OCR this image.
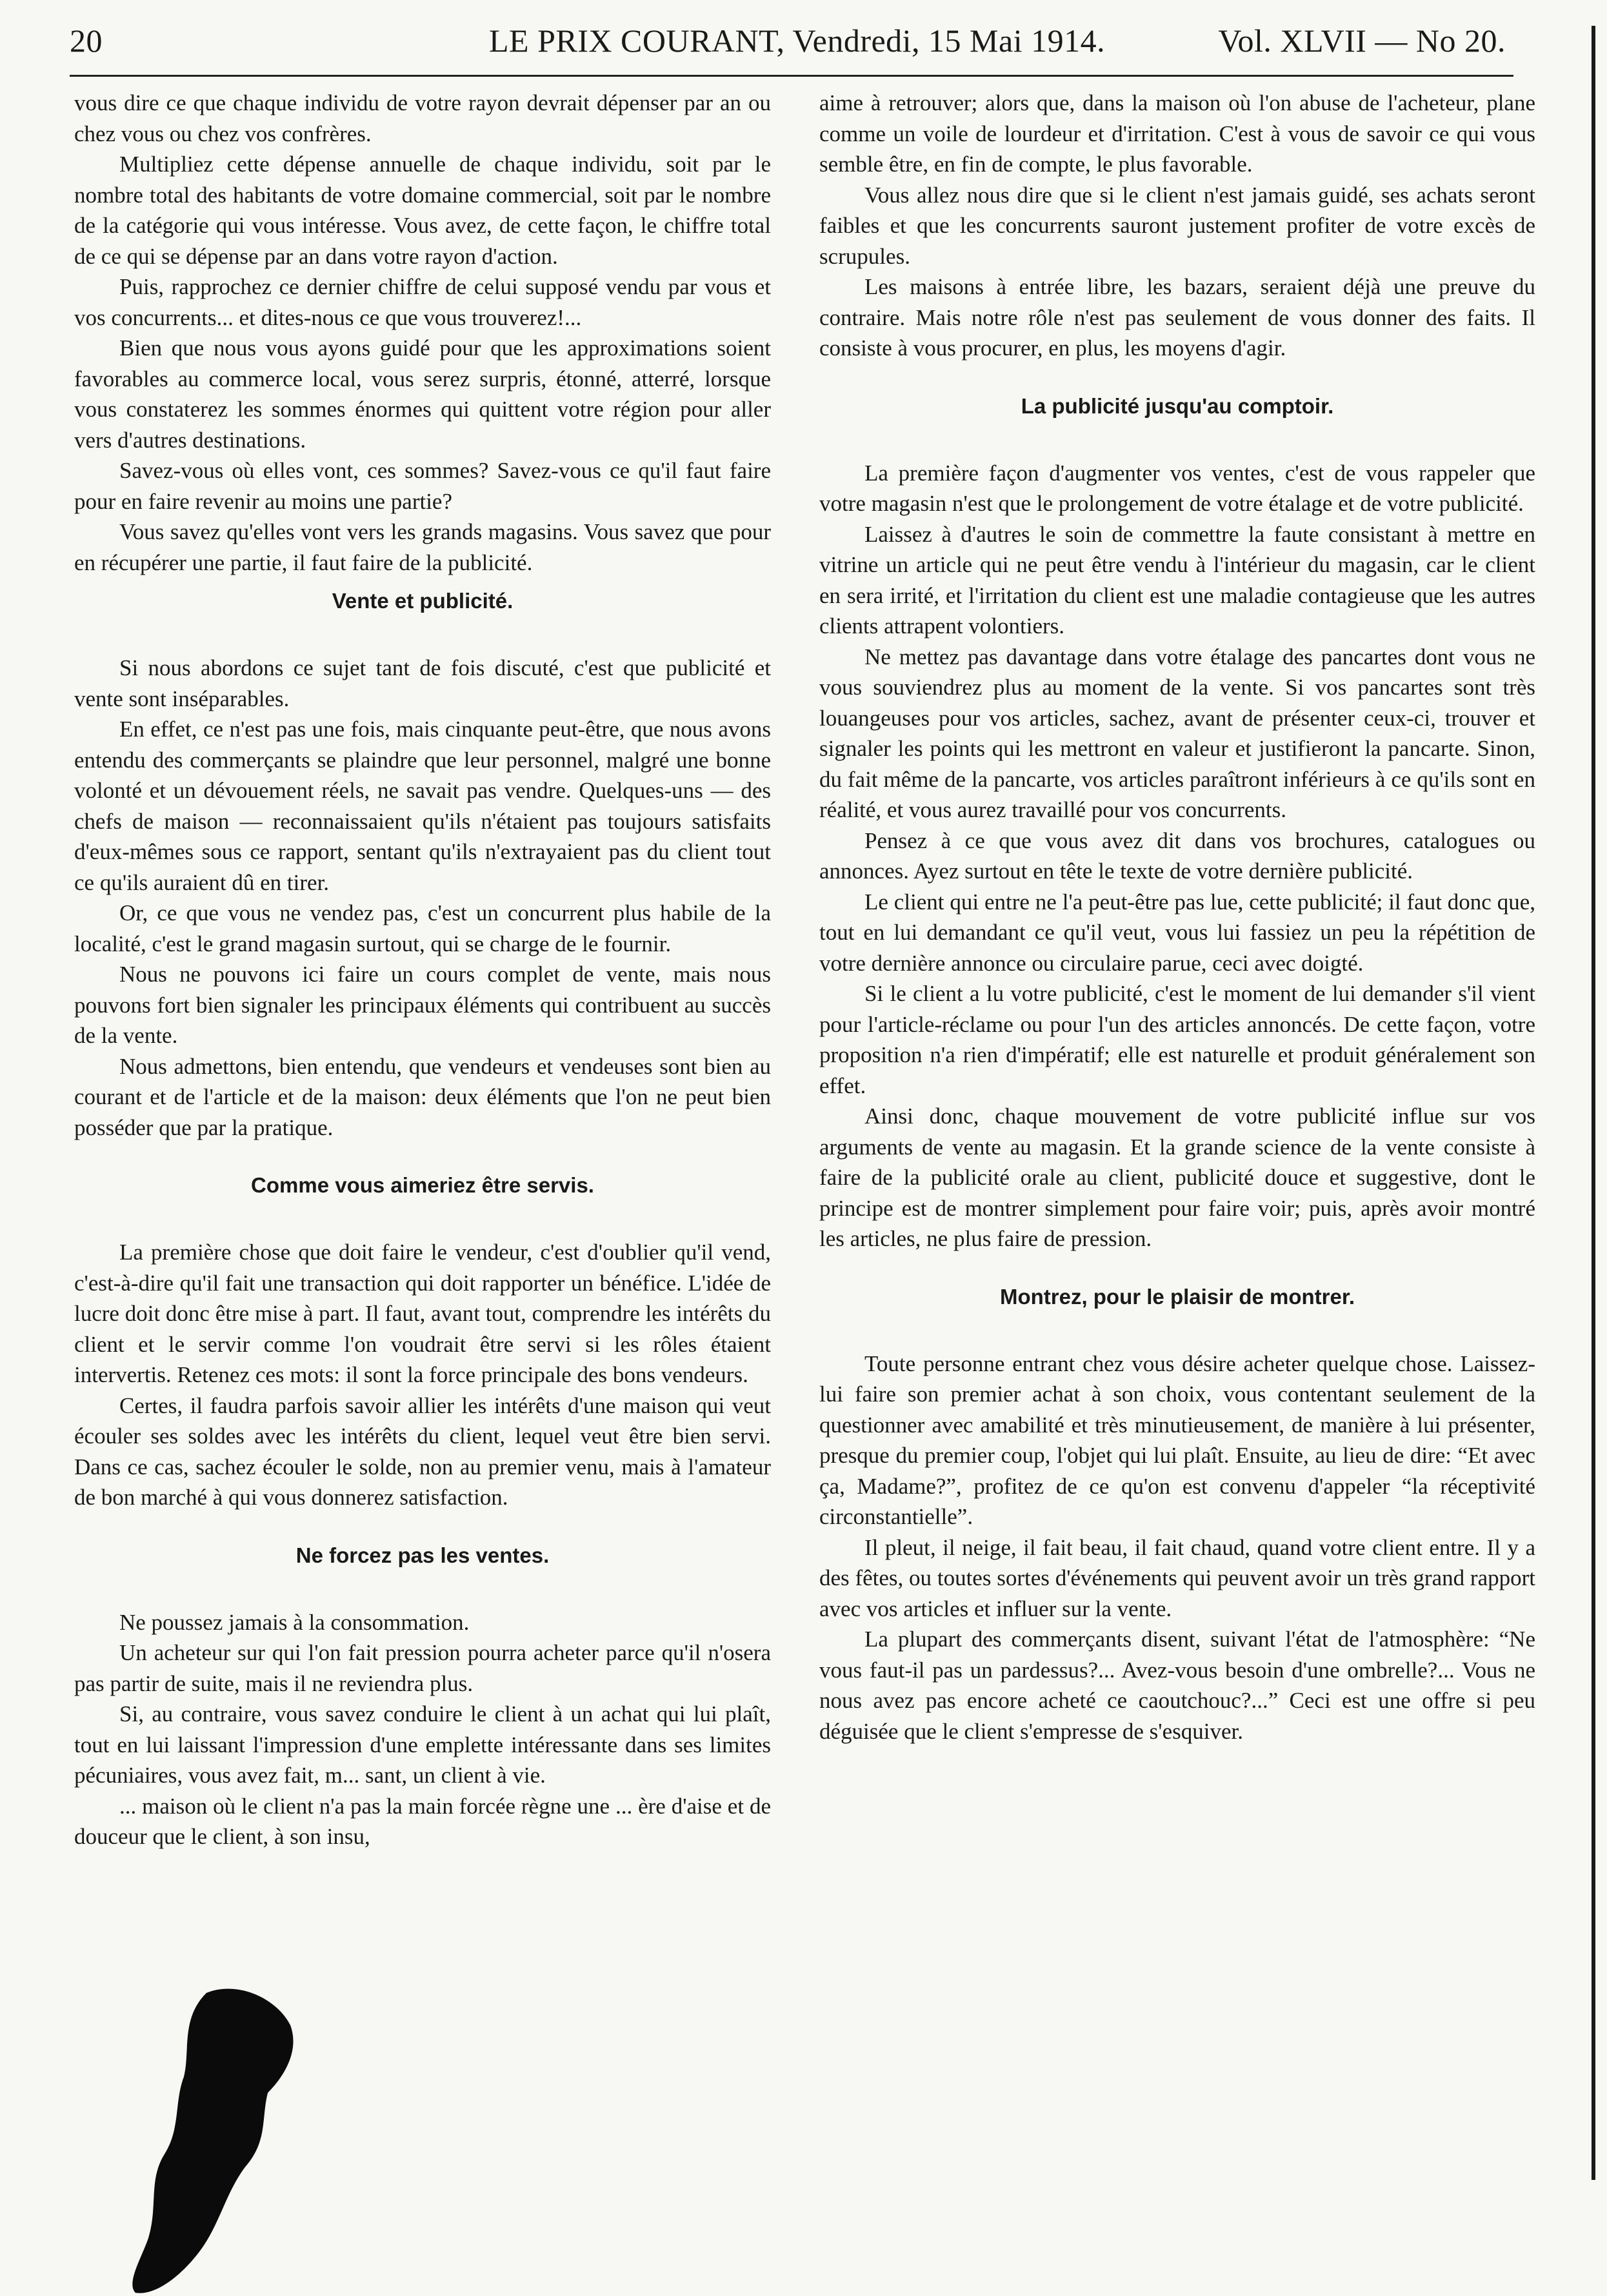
20	LE PRIX COURANT, Vendredi, 15 Mai 1914.	Vol. XLVII — No 20.

vous dire ce que chaque individu de votre rayon devrait dépenser par an ou chez vous ou chez vos confrères.

Multipliez cette dépense annuelle de chaque individu, soit par le nombre total des habitants de votre domaine commercial, soit par le nombre de la catégorie qui vous intéresse. Vous avez, de cette façon, le chiffre total de ce qui se dépense par an dans votre rayon d'action.

Puis, rapprochez ce dernier chiffre de celui supposé vendu par vous et vos concurrents... et dites-nous ce que vous trouverez!...

Bien que nous vous ayons guidé pour que les approximations soient favorables au commerce local, vous serez surpris, étonné, atterré, lorsque vous constaterez les sommes énormes qui quittent votre région pour aller vers d'autres destinations.

Savez-vous où elles vont, ces sommes? Savez-vous ce qu'il faut faire pour en faire revenir au moins une partie?

Vous savez qu'elles vont vers les grands magasins. Vous savez que pour en récupérer une partie, il faut faire de la publicité.

Vente et publicité.

Si nous abordons ce sujet tant de fois discuté, c'est que publicité et vente sont inséparables.

En effet, ce n'est pas une fois, mais cinquante peut-être, que nous avons entendu des commerçants se plaindre que leur personnel, malgré une bonne volonté et un dévouement réels, ne savait pas vendre. Quelques-uns — des chefs de maison — reconnaissaient qu'ils n'étaient pas toujours satisfaits d'eux-mêmes sous ce rapport, sentant qu'ils n'extrayaient pas du client tout ce qu'ils auraient dû en tirer.

Or, ce que vous ne vendez pas, c'est un concurrent plus habile de la localité, c'est le grand magasin surtout, qui se charge de le fournir.

Nous ne pouvons ici faire un cours complet de vente, mais nous pouvons fort bien signaler les principaux éléments qui contribuent au succès de la vente.

Nous admettons, bien entendu, que vendeurs et vendeuses sont bien au courant et de l'article et de la maison: deux éléments que l'on ne peut bien posséder que par la pratique.

Comme vous aimeriez être servis.

La première chose que doit faire le vendeur, c'est d'oublier qu'il vend, c'est-à-dire qu'il fait une transaction qui doit rapporter un bénéfice. L'idée de lucre doit donc être mise à part. Il faut, avant tout, comprendre les intérêts du client et le servir comme l'on voudrait être servi si les rôles étaient intervertis. Retenez ces mots: il sont la force principale des bons vendeurs.

Certes, il faudra parfois savoir allier les intérêts d'une maison qui veut écouler ses soldes avec les intérêts du client, lequel veut être bien servi. Dans ce cas, sachez écouler le solde, non au premier venu, mais à l'amateur de bon marché à qui vous donnerez satisfaction.

Ne forcez pas les ventes.

Ne poussez jamais à la consommation.

Un acheteur sur qui l'on fait pression pourra acheter parce qu'il n'osera pas partir de suite, mais il ne reviendra plus.

Si, au contraire, vous savez conduire le client à un achat qui lui plaît, tout en lui laissant l'impression d'une emplette intéressante dans ses limites pécuniaires, vous avez fait, m... sant, un client à vie.

... maison où le client n'a pas la main forcée règne une ... ère d'aise et de douceur que le client, à son insu,

aime à retrouver; alors que, dans la maison où l'on abuse de l'acheteur, plane comme un voile de lourdeur et d'irritation. C'est à vous de savoir ce qui vous semble être, en fin de compte, le plus favorable.

Vous allez nous dire que si le client n'est jamais guidé, ses achats seront faibles et que les concurrents sauront justement profiter de votre excès de scrupules.

Les maisons à entrée libre, les bazars, seraient déjà une preuve du contraire. Mais notre rôle n'est pas seulement de vous donner des faits. Il consiste à vous procurer, en plus, les moyens d'agir.

La publicité jusqu'au comptoir.

La première façon d'augmenter vos ventes, c'est de vous rappeler que votre magasin n'est que le prolongement de votre étalage et de votre publicité.

Laissez à d'autres le soin de commettre la faute consistant à mettre en vitrine un article qui ne peut être vendu à l'intérieur du magasin, car le client en sera irrité, et l'irritation du client est une maladie contagieuse que les autres clients attrapent volontiers.

Ne mettez pas davantage dans votre étalage des pancartes dont vous ne vous souviendrez plus au moment de la vente. Si vos pancartes sont très louangeuses pour vos articles, sachez, avant de présenter ceux-ci, trouver et signaler les points qui les mettront en valeur et justifieront la pancarte. Sinon, du fait même de la pancarte, vos articles paraîtront inférieurs à ce qu'ils sont en réalité, et vous aurez travaillé pour vos concurrents.

Pensez à ce que vous avez dit dans vos brochures, catalogues ou annonces. Ayez surtout en tête le texte de votre dernière publicité.

Le client qui entre ne l'a peut-être pas lue, cette publicité; il faut donc que, tout en lui demandant ce qu'il veut, vous lui fassiez un peu la répétition de votre dernière annonce ou circulaire parue, ceci avec doigté.

Si le client a lu votre publicité, c'est le moment de lui demander s'il vient pour l'article-réclame ou pour l'un des articles annoncés. De cette façon, votre proposition n'a rien d'impératif; elle est naturelle et produit généralement son effet.

Ainsi donc, chaque mouvement de votre publicité influe sur vos arguments de vente au magasin. Et la grande science de la vente consiste à faire de la publicité orale au client, publicité douce et suggestive, dont le principe est de montrer simplement pour faire voir; puis, après avoir montré les articles, ne plus faire de pression.

Montrez, pour le plaisir de montrer.

Toute personne entrant chez vous désire acheter quelque chose. Laissez-lui faire son premier achat à son choix, vous contentant seulement de la questionner avec amabilité et très minutieusement, de manière à lui présenter, presque du premier coup, l'objet qui lui plaît. Ensuite, au lieu de dire: “Et avec ça, Madame?”, profitez de ce qu'on est convenu d'appeler “la réceptivité circonstantielle”.

Il pleut, il neige, il fait beau, il fait chaud, quand votre client entre. Il y a des fêtes, ou toutes sortes d'événements qui peuvent avoir un très grand rapport avec vos articles et influer sur la vente.

La plupart des commerçants disent, suivant l'état de l'atmosphère: “Ne vous faut-il pas un pardessus?... Avez-vous besoin d'une ombrelle?... Vous ne nous avez pas encore acheté ce caoutchouc?...” Ceci est une offre si peu déguisée que le client s'empresse de s'esquiver.
